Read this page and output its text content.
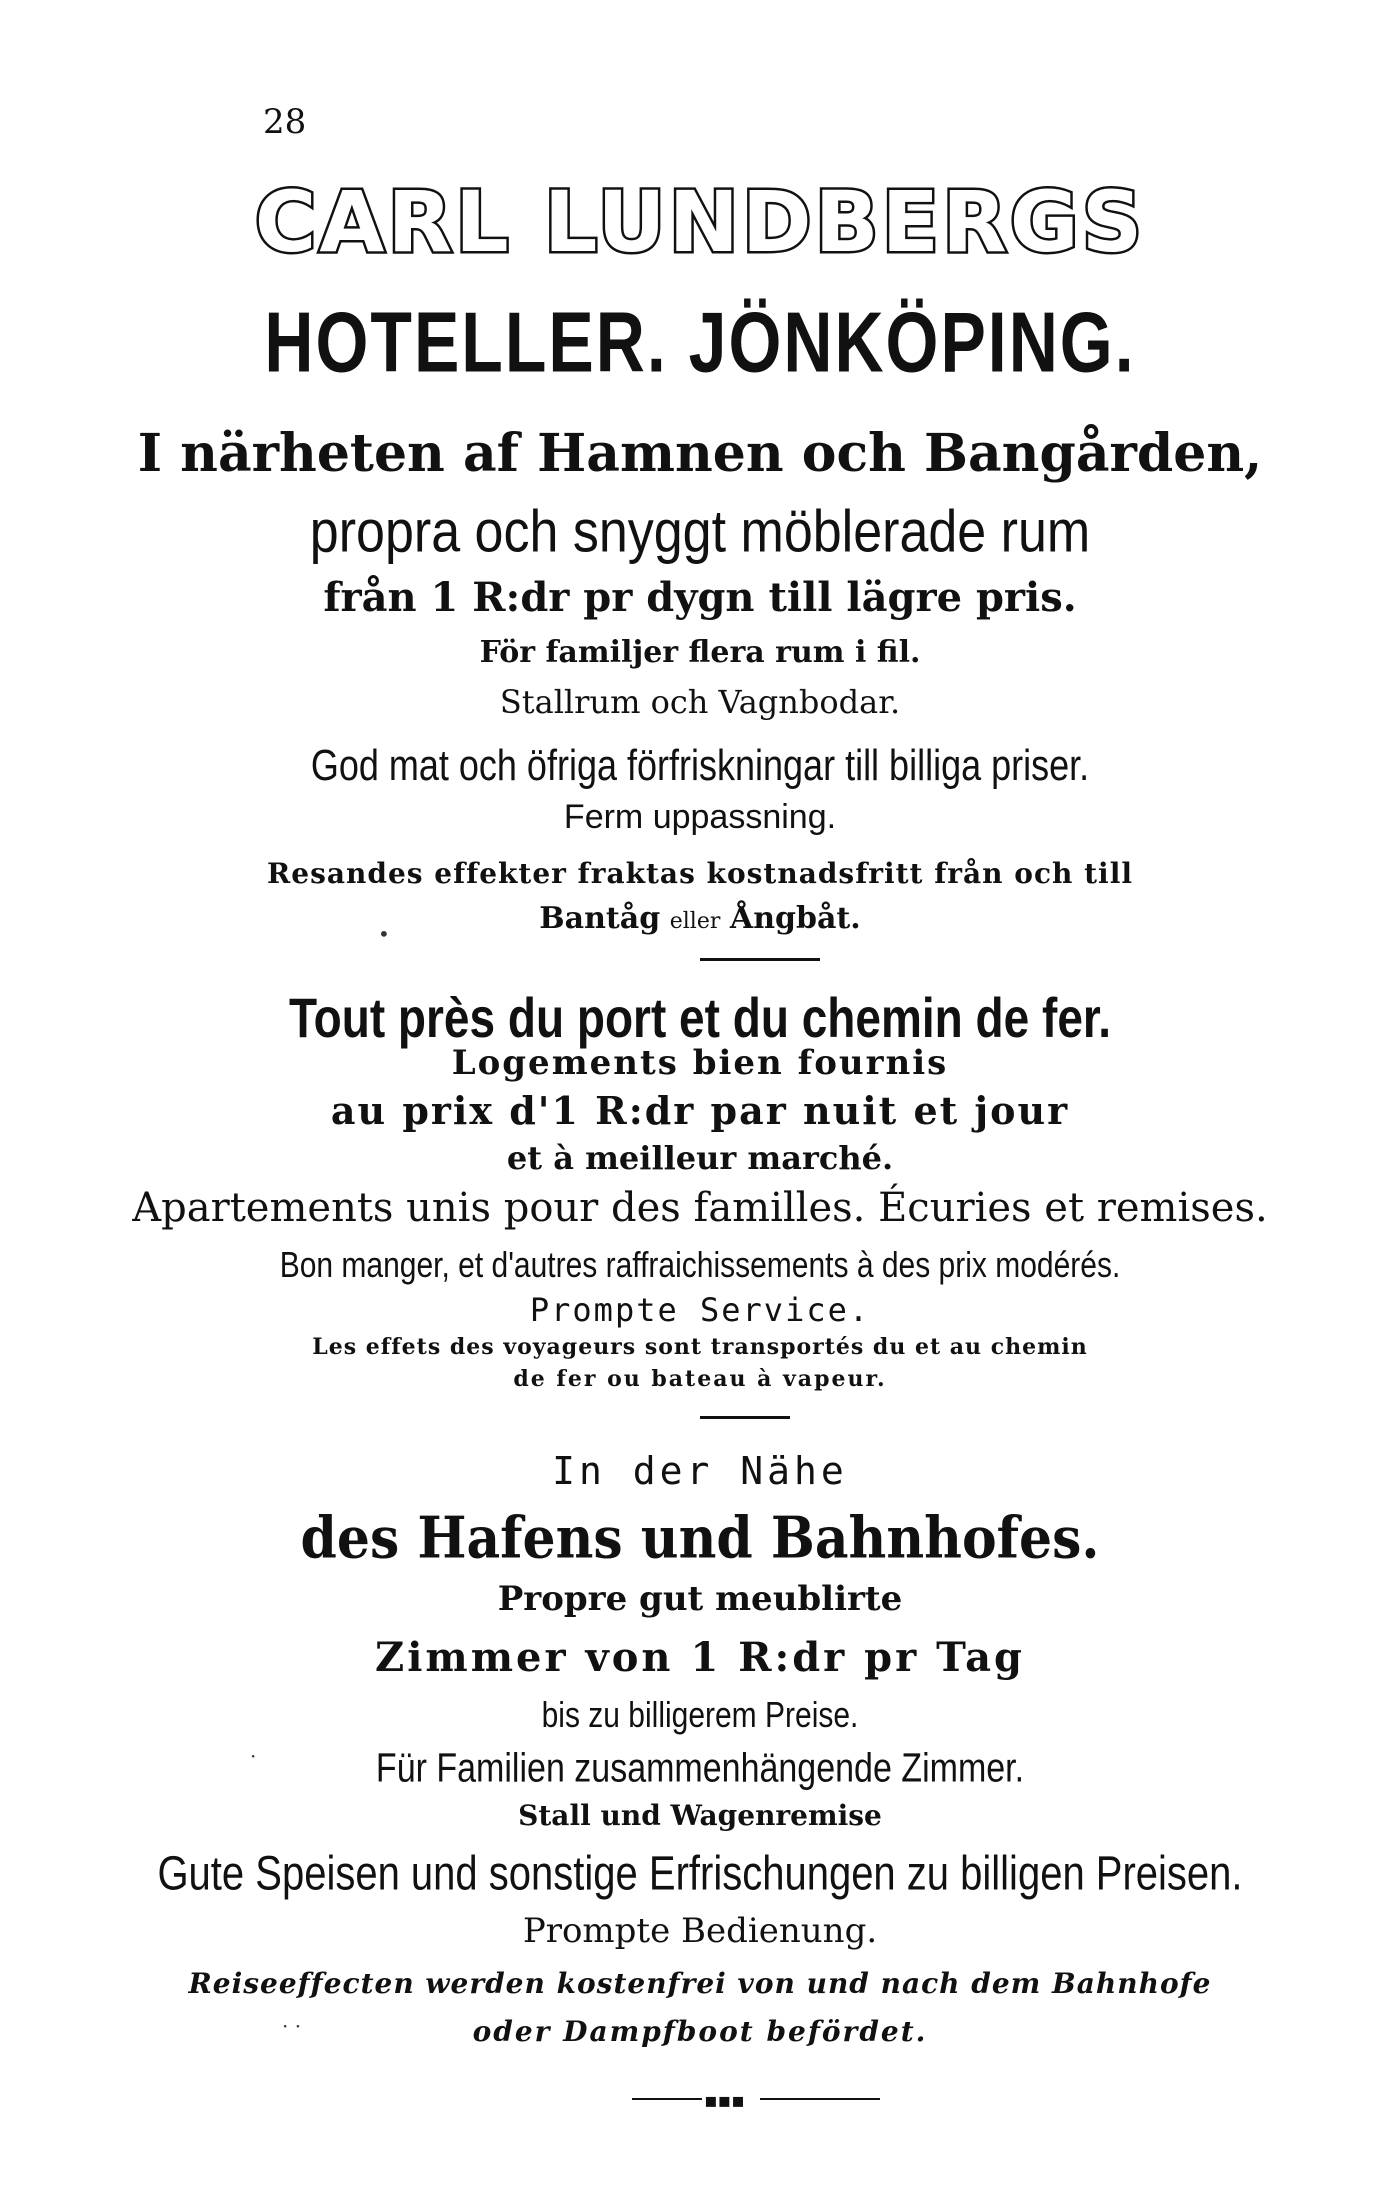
28
CARL LUNDBERGS
HOTELLER. JÖNKÖPING.
I närheten af Hamnen och Bangården,
propra och snyggt möblerade rum
från 1 R:dr pr dygn till lägre pris.
För familjer flera rum i fil.
Stallrum och Vagnbodar.
God mat och öfriga förfriskningar till billiga priser.
Ferm uppassning.
Resandes effekter fraktas kostnadsfritt från och till
Bantåg eller Ångbåt.
•
Tout près du port et du chemin de fer.
Logements bien fournis
au prix d'1 R:dr par nuit et jour
et à meilleur marché.
Apartements unis pour des familles. Écuries et remises.
Bon manger, et d'autres raffraichissements à des prix modérés.
Prompte Service.
Les effets des voyageurs sont transportés du et au chemin
de fer ou bateau à vapeur.
In der Nähe
des Hafens und Bahnhofes.
Propre gut meublirte
Zimmer von 1 R:dr pr Tag
bis zu billigerem Preise.
Für Familien zusammenhängende Zimmer.
Stall und Wagenremise
Gute Speisen und sonstige Erfrischungen zu billigen Preisen.
Prompte Bedienung.
Reiseeffecten werden kostenfrei von und nach dem Bahnhofe
oder Dampfboot befördet.
·
· ·
▪▪▪
